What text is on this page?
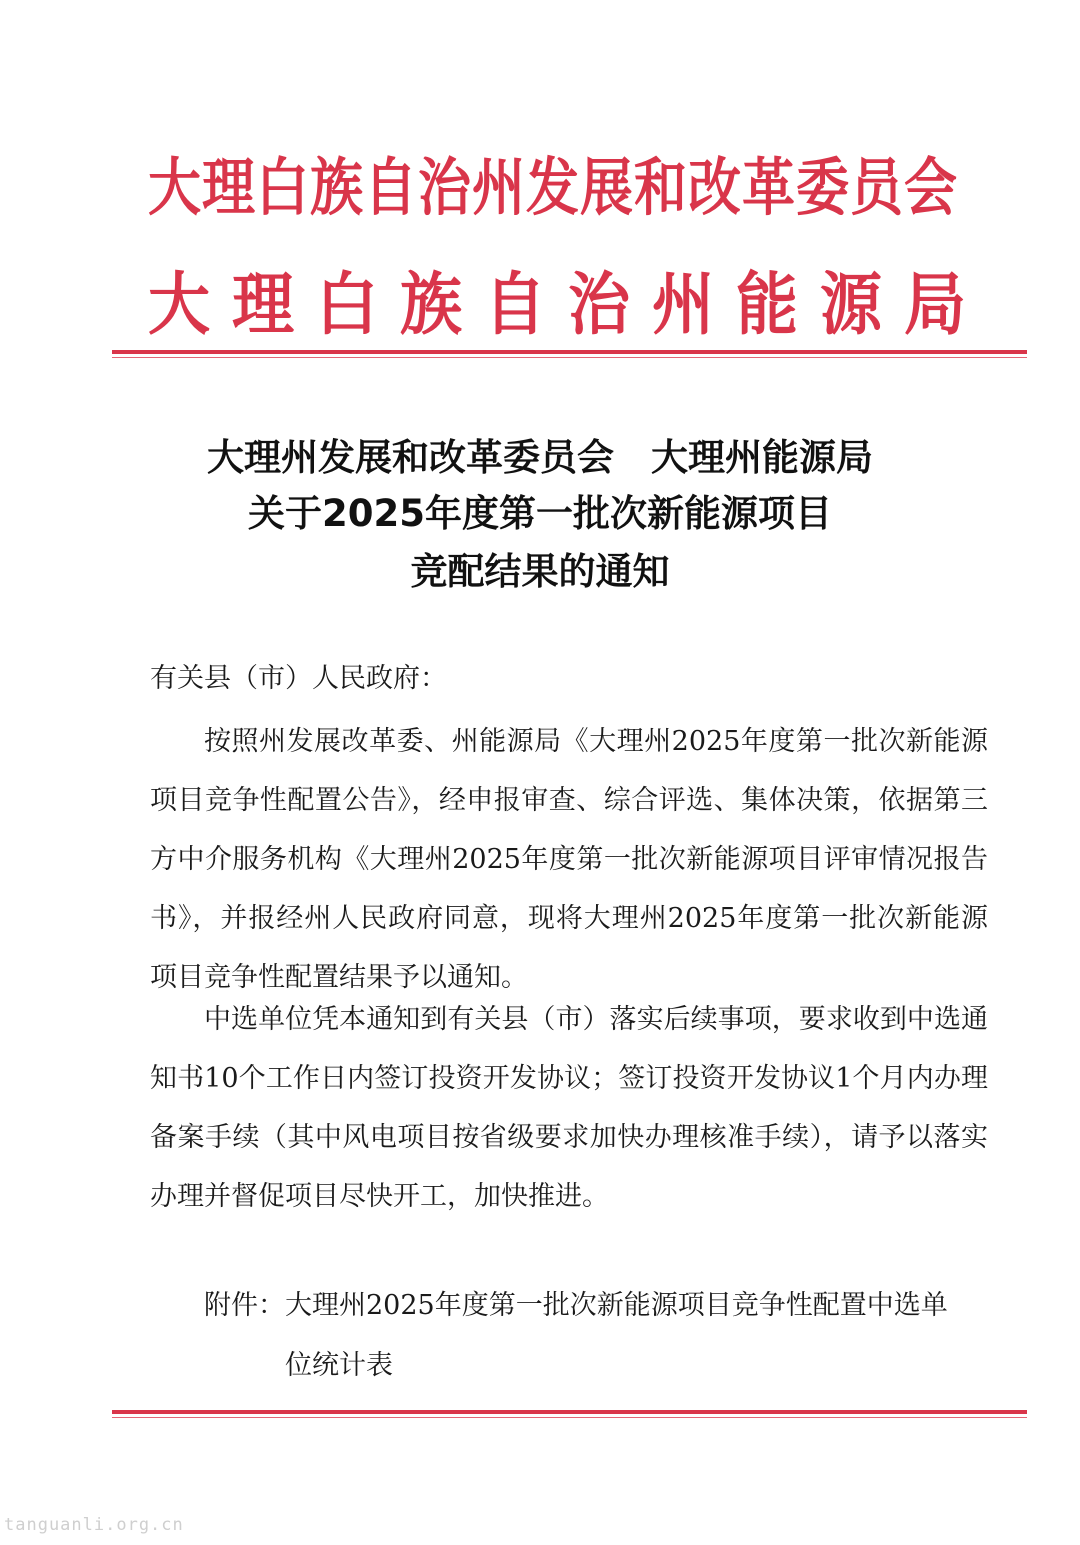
大理白族自治州发展和改革委员会
大理白族自治州能源局
大理州发展和改革委员会　大理州能源局
关于2025年度第一批次新能源项目
竞配结果的通知
有关县（市）人民政府：

按照州发展改革委、州能源局《大理州2025年度第一批次新能源项目竞争性配置公告》，经申报审查、综合评选、集体决策，依据第三方中介服务机构《大理州2025年度第一批次新能源项目评审情况报告书》，并报经州人民政府同意，现将大理州2025年度第一批次新能源项目竞争性配置结果予以通知。

中选单位凭本通知到有关县（市）落实后续事项，要求收到中选通知书10个工作日内签订投资开发协议；签订投资开发协议1个月内办理备案手续（其中风电项目按省级要求加快办理核准手续），请予以落实办理并督促项目尽快开工，加快推进。

附件：大理州2025年度第一批次新能源项目竞争性配置中选单位统计表
tanguanli.org.cn
